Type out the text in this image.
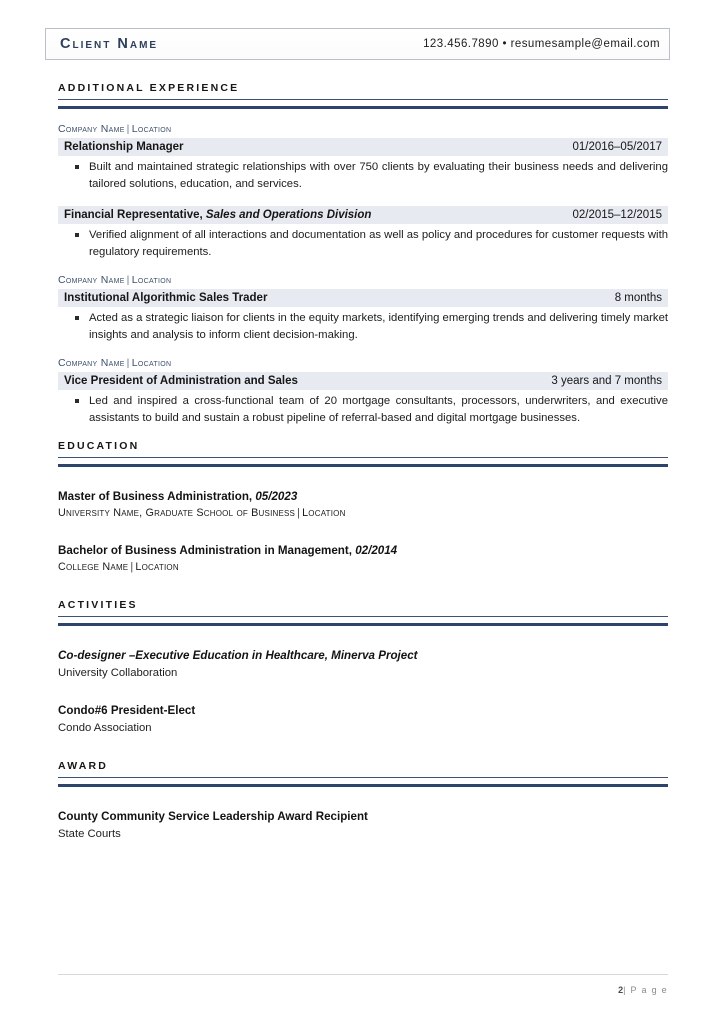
Client Name	123.456.7890 • resumesample@email.com
ADDITIONAL EXPERIENCE
Company Name | Location
Relationship Manager	01/2016–05/2017
Built and maintained strategic relationships with over 750 clients by evaluating their business needs and delivering tailored solutions, education, and services.
Financial Representative, Sales and Operations Division	02/2015–12/2015
Verified alignment of all interactions and documentation as well as policy and procedures for customer requests with regulatory requirements.
Company Name | Location
Institutional Algorithmic Sales Trader	8 months
Acted as a strategic liaison for clients in the equity markets, identifying emerging trends and delivering timely market insights and analysis to inform client decision-making.
Company Name | Location
Vice President of Administration and Sales	3 years and 7 months
Led and inspired a cross-functional team of 20 mortgage consultants, processors, underwriters, and executive assistants to build and sustain a robust pipeline of referral-based and digital mortgage businesses.
EDUCATION
Master of Business Administration, 05/2023
University Name, Graduate School of Business | Location
Bachelor of Business Administration in Management, 02/2014
College Name | Location
ACTIVITIES
Co-designer –Executive Education in Healthcare, Minerva Project
University Collaboration
Condo#6 President-Elect
Condo Association
AWARD
County Community Service Leadership Award Recipient
State Courts
2| P a g e
